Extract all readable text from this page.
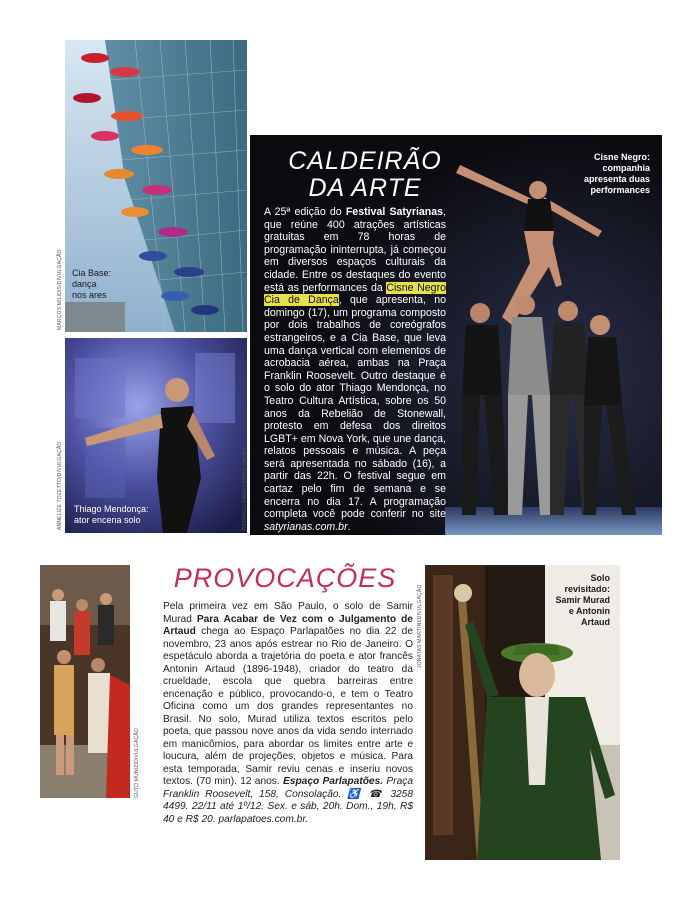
Cia Base:
dança
nos ares
MARCOS MILIDIS/DIVULGAÇÃO
Thiago Mendonça:
ator encena solo
ANNELIZE TOZETTO/DIVULGAÇÃO	RODRIGO RAMOS/DIVULGAÇÃO
Cisne Negro:
companhia
apresenta duas
performances
CALDEIRÃO
DA ARTE
A 25ª edição do Festival Satyrianas, que reúne 400 atrações artísticas gratuitas em 78 horas de programação ininterrupta, já começou em diversos espaços culturais da cidade. Entre os destaques do evento está as performances da Cisne Negro Cia de Dança, que apresenta, no domingo (17), um programa composto por dois trabalhos de coreógrafos estrangeiros, e a Cia Base, que leva uma dança vertical com elementos de acrobacia aérea, ambas na Praça Franklin Roosevelt. Outro destaque é o solo do ator Thiago Mendonça, no Teatro Cultura Artística, sobre os 50 anos da Rebelião de Stonewall, protesto em defesa dos direitos LGBT+ em Nova York, que une dança, relatos pessoais e música. A peça será apresentada no sábado (16), a partir das 22h. O festival segue em cartaz pelo fim de semana e se encerra no dia 17. A programação completa você pode conferir no site satyrianas.com.br.
GUTO MUNIZ/DIVULGAÇÃO
PROVOCAÇÕES
Pela primeira vez em São Paulo, o solo de Samir Murad Para Acabar de Vez com o Julgamento de Artaud chega ao Espaço Parlapatões no dia 22 de novembro, 23 anos após estrear no Rio de Janeiro. O espetáculo aborda a trajetória do poeta e ator francês Antonin Artaud (1896-1948), criador do teatro da crueldade, escola que quebra barreiras entre encenação e público, provocando-o, e tem o Teatro Oficina como um dos grandes representantes no Brasil. No solo, Murad utiliza textos escritos pelo poeta, que passou nove anos da vida sendo internado em manicômios, para abordar os limites entre arte e loucura, além de projeções, objetos e música. Para esta temporada, Samir reviu cenas e inseriu novos textos. (70 min). 12 anos. Espaço Parlapatões. Praça Franklin Roosevelt, 158, Consolação. ♿ ☎ 3258 4499. 22/11 até 1º/12. Sex. e sáb, 20h. Dom., 19h. R$ 40 e R$ 20. parlapatoes.com.br.
Solo
revisitado:
Samir Murad
e Antonin
Artaud
JONATAS MARTINI/DIVULGAÇÃO
